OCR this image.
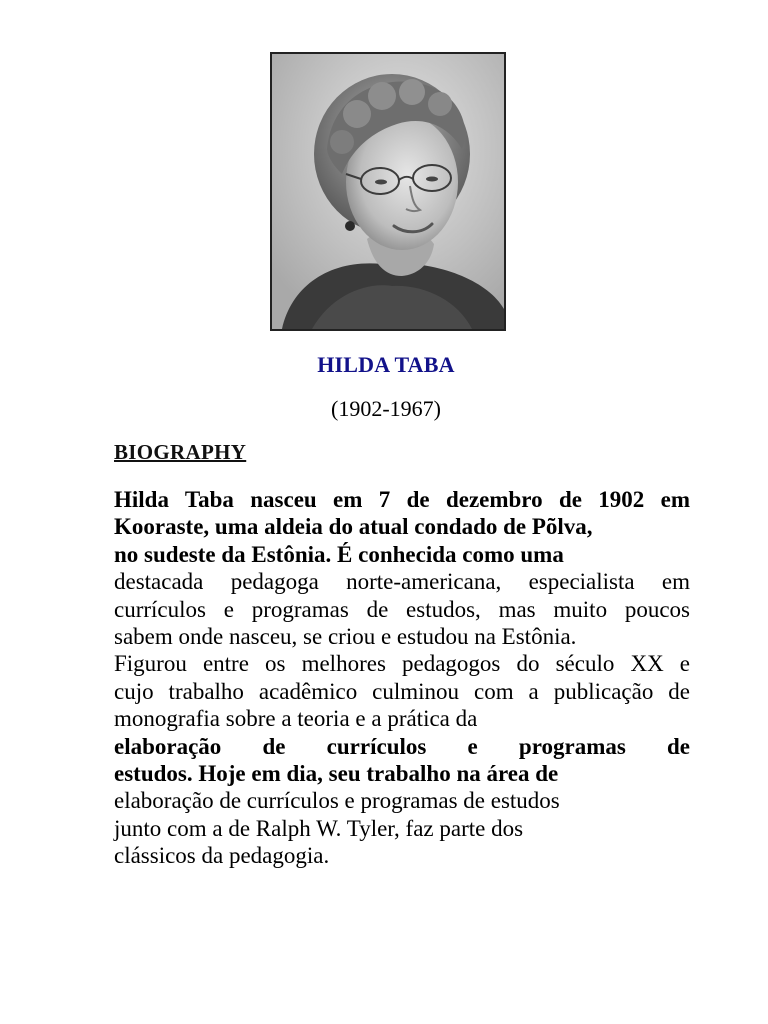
HILDA TABA
(1902-1967)
BIOGRAPHY
Hilda Taba nasceu em 7 de dezembro de 1902 em
Kooraste, uma aldeia do atual condado de Põlva,
no sudeste da Estônia. É conhecida como uma
destacada pedagoga norte-americana, especialista em
currículos e programas de estudos, mas muito poucos
sabem onde nasceu, se criou e estudou na Estônia.
Figurou entre os melhores pedagogos do século XX e
cujo trabalho acadêmico culminou com a publicação de
monografia sobre a teoria e a prática da
elaboração de currículos e programas de
estudos. Hoje em dia, seu trabalho na área de
elaboração de currículos e programas de estudos
junto com a de Ralph W. Tyler, faz parte dos
clássicos da pedagogia.
